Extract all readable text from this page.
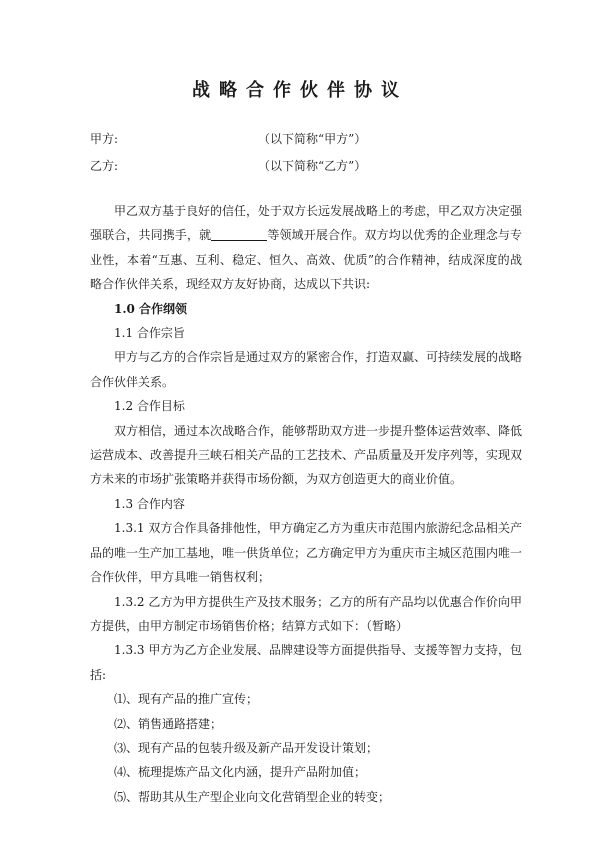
战略合作伙伴协议
甲方:	（以下简称“甲方”）
乙方:	（以下简称“乙方”）

甲乙双方基于良好的信任，处于双方长远发展战略上的考虑，甲乙双方决定强强联合，共同携手，就	等领域开展合作。双方均以优秀的企业理念与专业性，本着“互惠、互利、稳定、恒久、高效、优质”的合作精神，结成深度的战略合作伙伴关系，现经双方友好协商，达成以下共识:

1.0 合作纲领

1.1 合作宗旨

甲方与乙方的合作宗旨是通过双方的紧密合作，打造双赢、可持续发展的战略合作伙伴关系。

1.2 合作目标

双方相信，通过本次战略合作，能够帮助双方进一步提升整体运营效率、降低运营成本、改善提升三峡石相关产品的工艺技术、产品质量及开发序列等，实现双方未来的市场扩张策略并获得市场份额，为双方创造更大的商业价值。

1.3 合作内容

1.3.1 双方合作具备排他性，甲方确定乙方为重庆市范围内旅游纪念品相关产品的唯一生产加工基地，唯一供货单位；乙方确定甲方为重庆市主城区范围内唯一合作伙伴，甲方具唯一销售权利；

1.3.2 乙方为甲方提供生产及技术服务；乙方的所有产品均以优惠合作价向甲方提供，由甲方制定市场销售价格；结算方式如下：（暂略）

1.3.3 甲方为乙方企业发展、品牌建设等方面提供指导、支援等智力支持，包括:

⑴、现有产品的推广宣传；

⑵、销售通路搭建；

⑶、现有产品的包装升级及新产品开发设计策划；

⑷、梳理提炼产品文化内涵，提升产品附加值；

⑸、帮助其从生产型企业向文化营销型企业的转变；
